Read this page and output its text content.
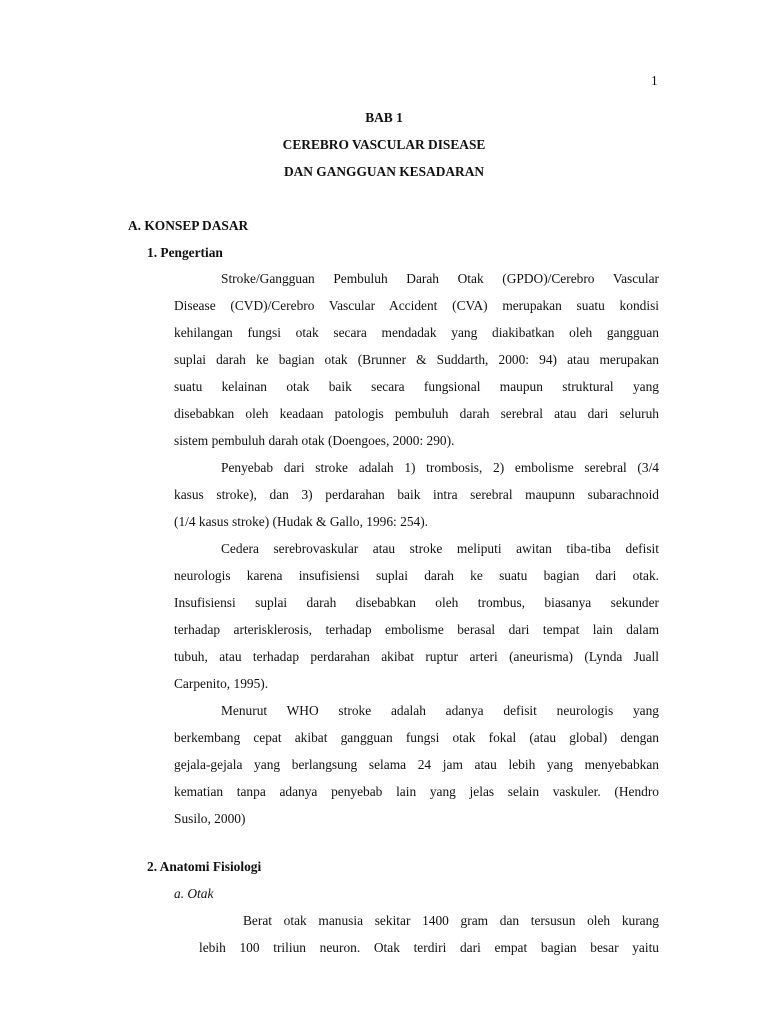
1
BAB 1
CEREBRO VASCULAR DISEASE
DAN GANGGUAN KESADARAN
A. KONSEP DASAR
1. Pengertian
Stroke/Gangguan Pembuluh Darah Otak (GPDO)/Cerebro Vascular
Disease (CVD)/Cerebro Vascular Accident (CVA) merupakan suatu kondisi
kehilangan fungsi otak secara mendadak yang diakibatkan oleh gangguan
suplai darah ke bagian otak (Brunner & Suddarth, 2000: 94) atau merupakan
suatu kelainan otak baik secara fungsional maupun struktural yang
disebabkan oleh keadaan patologis pembuluh darah serebral atau dari seluruh
sistem pembuluh darah otak (Doengoes, 2000: 290).
Penyebab dari stroke adalah 1) trombosis, 2) embolisme serebral (3/4
kasus stroke), dan 3) perdarahan baik intra serebral maupunn subarachnoid
(1/4 kasus stroke) (Hudak & Gallo, 1996: 254).
Cedera serebrovaskular atau stroke meliputi awitan tiba-tiba defisit
neurologis karena insufisiensi suplai darah ke suatu bagian dari otak.
Insufisiensi suplai darah disebabkan oleh trombus, biasanya sekunder
terhadap arterisklerosis, terhadap embolisme berasal dari tempat lain dalam
tubuh, atau terhadap perdarahan akibat ruptur arteri (aneurisma) (Lynda Juall
Carpenito, 1995).
Menurut WHO stroke adalah adanya defisit neurologis yang
berkembang cepat akibat gangguan fungsi otak fokal (atau global) dengan
gejala-gejala yang berlangsung selama 24 jam atau lebih yang menyebabkan
kematian tanpa adanya penyebab lain yang jelas selain vaskuler. (Hendro
Susilo, 2000)
2. Anatomi Fisiologi
a. Otak
Berat otak manusia sekitar 1400 gram dan tersusun oleh kurang
lebih 100 triliun neuron. Otak terdiri dari empat bagian besar yaitu
